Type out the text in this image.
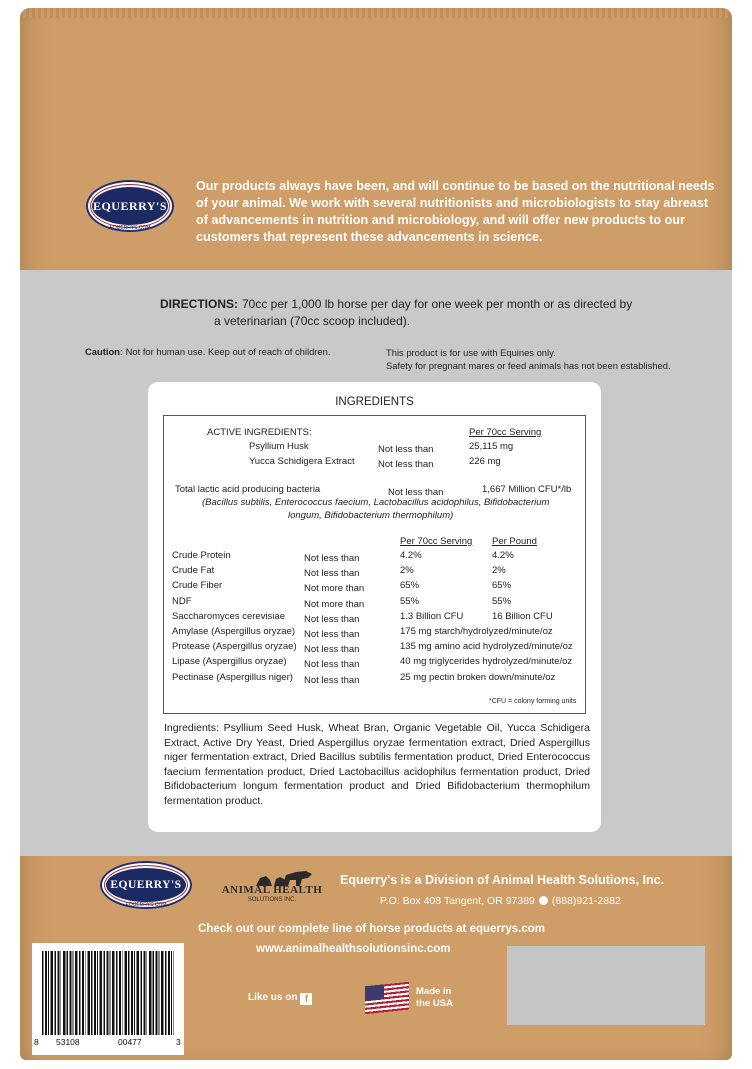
EQUERRY'S
EQUERRYS.COM
Our products always have been, and will continue to be based on the nutritional needs of your animal. We work with several nutritionists and microbiologists to stay abreast of advancements in nutrition and microbiology, and will offer new products to our customers that represent these advancements in science.
DIRECTIONS: 70cc per 1,000 lb horse per day for one week per month or as directed by
a veterinarian (70cc scoop included).
Caution: Not for human use. Keep out of reach of children.	This product is for use with Equines only.
Safety for pregnant mares or feed animals has not been established.
INGREDIENTS
ACTIVE INGREDIENTS:	Per 70cc Serving
Psyllium Husk	Not less than	25,115 mg
Yucca Schidigera Extract Not less than	226 mg
Total lactic acid producing bacteria	Not less than	1,667 Million CFU*/lb
(Bacillus subtilis, Enterococcus faecium, Lactobacillus acidophilus, Bifidobacterium
longum, Bifidobacterium thermophilum)
Per 70cc Serving Per Pound
Crude Protein	Not less than	4.2%	4.2%
Crude Fat	Not less than	2%	2%
Crude Fiber	Not more than	65%	65%
NDF	Not more than	55%	55%
Saccharomyces cerevisiae Not less than	1.3 Billion CFU	16 Billion CFU
Amylase (Aspergillus oryzae) Not less than	175 mg starch/hydrolyzed/minute/oz
Protease (Aspergillus oryzae) Not less than	135 mg amino acid hydrolyzed/minute/oz
Lipase (Aspergillus oryzae) Not less than	40 mg triglycerides hydrolyzed/minute/oz
Pectinase (Aspergillus niger) Not less than	25 mg pectin broken down/minute/oz
*CFU = colony forming units
Ingredients: Psyllium Seed Husk, Wheat Bran, Organic Vegetable Oil, Yucca Schidigera Extract, Active Dry Yeast, Dried Aspergillus oryzae fermentation extract, Dried Aspergillus niger fermentation extract, Dried Bacillus subtilis fermentation product, Dried Enterococcus faecium fermentation product, Dried Lactobacillus acidophilus fermentation product, Dried Bifidobacterium longum fermentation product and Dried Bifidobacterium thermophilum fermentation product.
EQUERRY'S
EQUERRYS.COM
ANIMAL HEALTH
SOLUTIONS INC.
Equerry's is a Division of Animal Health Solutions, Inc.
P.O. Box 408 Tangent, OR 97389 (888)921-2882
Check out our complete line of horse products at equerrys.com
www.animalhealthsolutionsinc.com
8 53108	00477	3
Like us on f
Made in
the USA
